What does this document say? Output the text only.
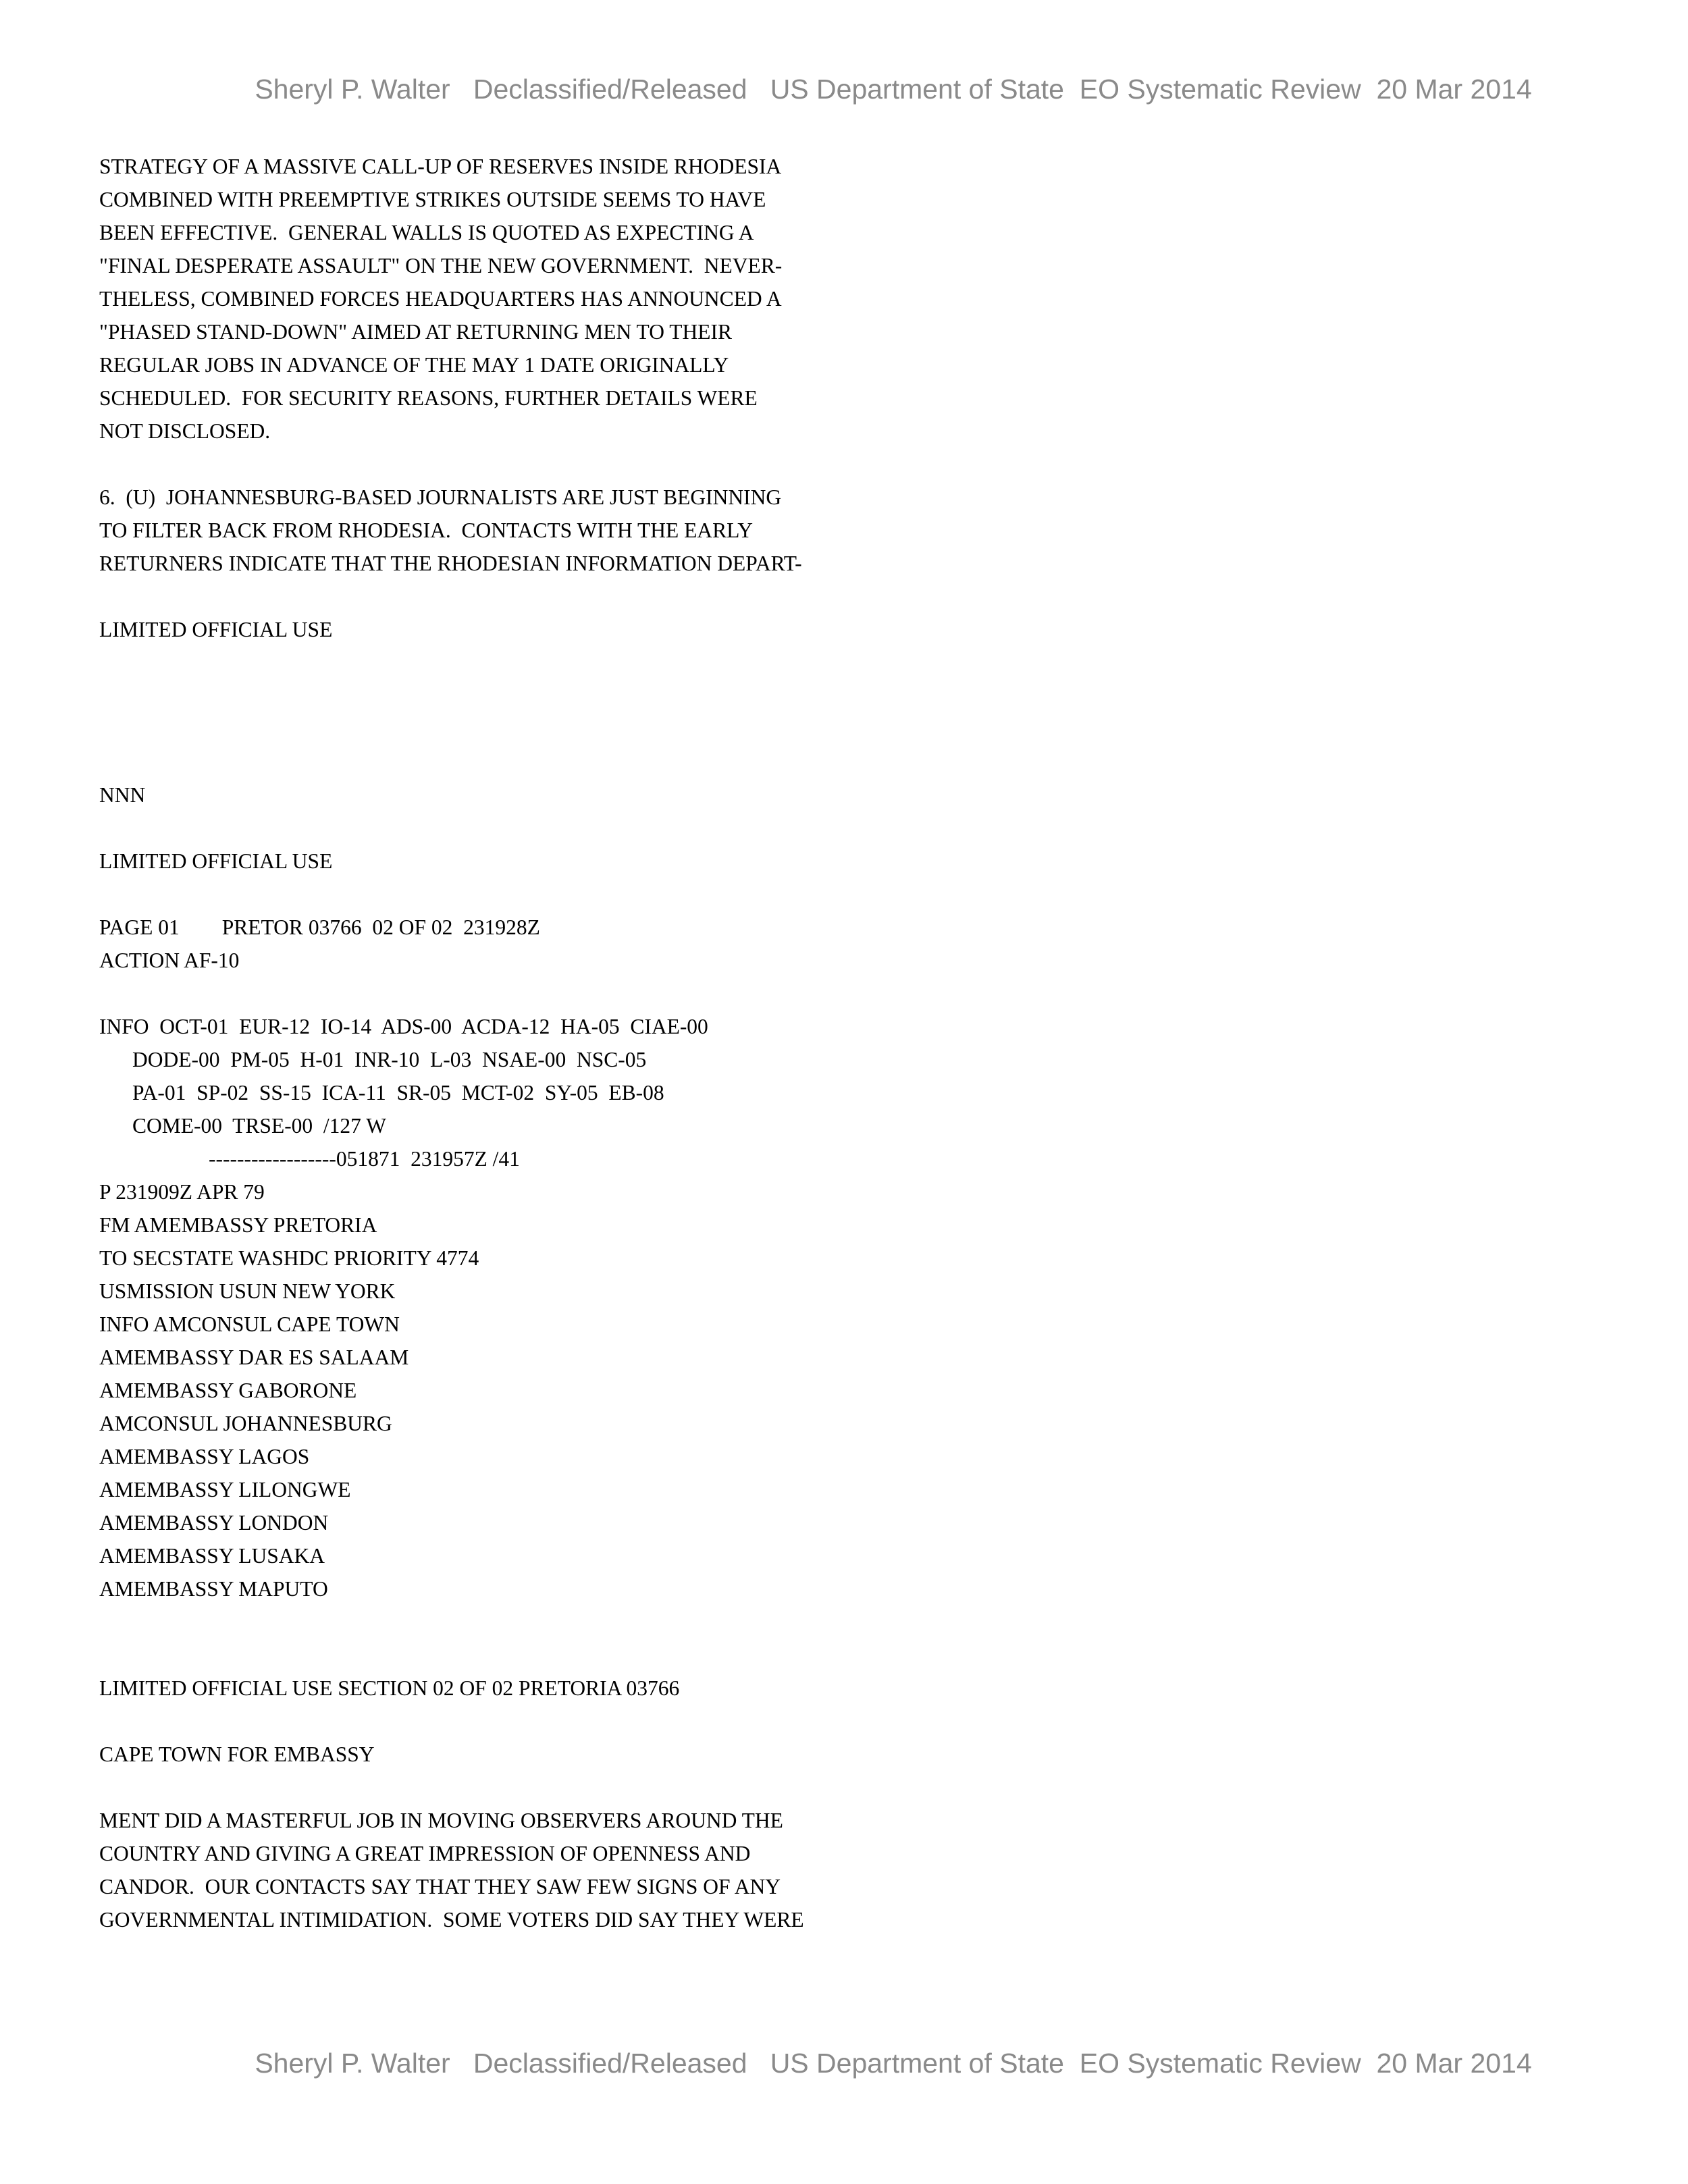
Sheryl P. Walter   Declassified/Released   US Department of State  EO Systematic Review  20 Mar 2014
STRATEGY OF A MASSIVE CALL-UP OF RESERVES INSIDE RHODESIA
COMBINED WITH PREEMPTIVE STRIKES OUTSIDE SEEMS TO HAVE
BEEN EFFECTIVE.  GENERAL WALLS IS QUOTED AS EXPECTING A
"FINAL DESPERATE ASSAULT" ON THE NEW GOVERNMENT.  NEVER-
THELESS, COMBINED FORCES HEADQUARTERS HAS ANNOUNCED A
"PHASED STAND-DOWN" AIMED AT RETURNING MEN TO THEIR
REGULAR JOBS IN ADVANCE OF THE MAY 1 DATE ORIGINALLY
SCHEDULED.  FOR SECURITY REASONS, FURTHER DETAILS WERE
NOT DISCLOSED.
6.  (U)  JOHANNESBURG-BASED JOURNALISTS ARE JUST BEGINNING
TO FILTER BACK FROM RHODESIA.  CONTACTS WITH THE EARLY
RETURNERS INDICATE THAT THE RHODESIAN INFORMATION DEPART-
LIMITED OFFICIAL USE
NNN
LIMITED OFFICIAL USE
PAGE 01        PRETOR 03766  02 OF 02  231928Z
ACTION AF-10
INFO  OCT-01  EUR-12  IO-14  ADS-00  ACDA-12  HA-05  CIAE-00
DODE-00  PM-05  H-01  INR-10  L-03  NSAE-00  NSC-05
PA-01  SP-02  SS-15  ICA-11  SR-05  MCT-02  SY-05  EB-08
COME-00  TRSE-00  /127 W
------------------051871  231957Z /41
P 231909Z APR 79
FM AMEMBASSY PRETORIA
TO SECSTATE WASHDC PRIORITY 4774
USMISSION USUN NEW YORK
INFO AMCONSUL CAPE TOWN
AMEMBASSY DAR ES SALAAM
AMEMBASSY GABORONE
AMCONSUL JOHANNESBURG
AMEMBASSY LAGOS
AMEMBASSY LILONGWE
AMEMBASSY LONDON
AMEMBASSY LUSAKA
AMEMBASSY MAPUTO
LIMITED OFFICIAL USE SECTION 02 OF 02 PRETORIA 03766
CAPE TOWN FOR EMBASSY
MENT DID A MASTERFUL JOB IN MOVING OBSERVERS AROUND THE
COUNTRY AND GIVING A GREAT IMPRESSION OF OPENNESS AND
CANDOR.  OUR CONTACTS SAY THAT THEY SAW FEW SIGNS OF ANY
GOVERNMENTAL INTIMIDATION.  SOME VOTERS DID SAY THEY WERE
Sheryl P. Walter   Declassified/Released   US Department of State  EO Systematic Review  20 Mar 2014
